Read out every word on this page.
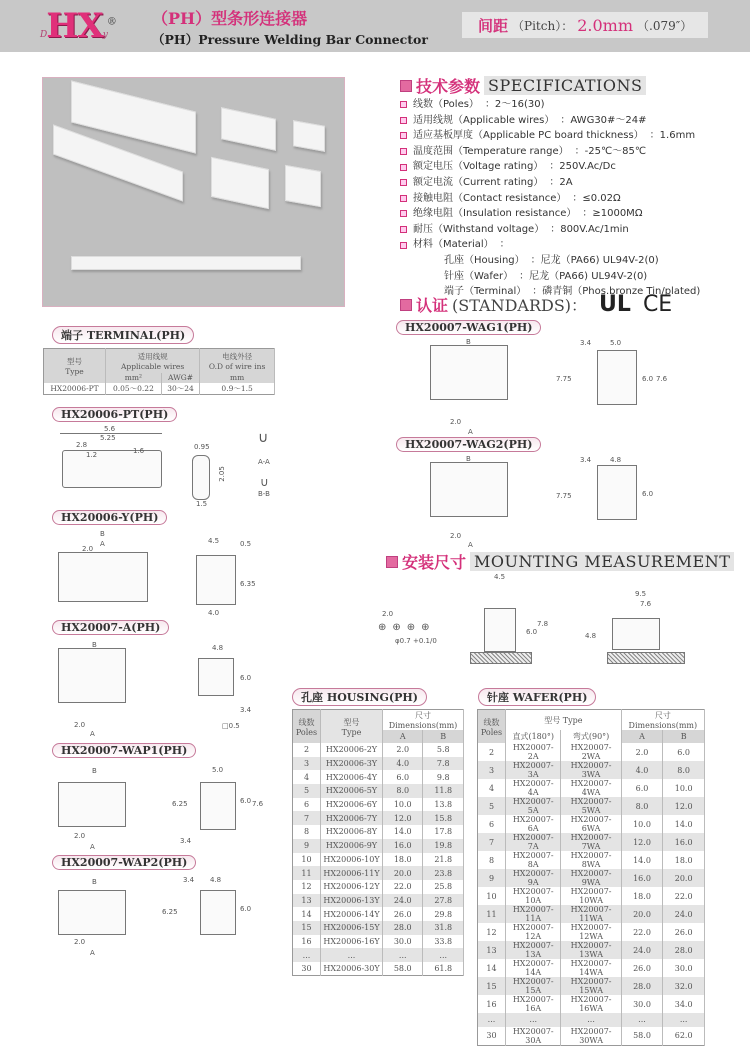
DHXy® （PH）型条形连接器
（PH）Pressure Welding Bar Connector
间距 （Pitch）： 2.0mm （.079″）
技术参数 SPECIFICATIONS
线数（Poles） ：2～16(30)
适用线规（Applicable wires） ：AWG30#～24#
适应基板厚度（Applicable PC board thickness） ：1.6mm
温度范围（Temperature range） ：-25℃～85℃
额定电压（Voltage rating） ：250V.Ac/Dc
额定电流（Current rating） ：2A
接触电阻（Contact resistance） ：≤0.02Ω
绝缘电阻（Insulation resistance） ：≥1000MΩ
耐压（Withstand voltage） ：800V.Ac/1min
材料（Material） ：
孔座（Housing） ：尼龙（PA66) UL94V-2(0)
针座（Wafer） ：尼龙（PA66) UL94V-2(0)
端子（Terminal） ：磷青铜（Phos.bronze Tin/plated)
认证 (STANDARDS)： UL CE
端子 TERMINAL(PH)
型号
Type	适用线规
Applicable wires		电线外径
O.D of wire ins
	mm²	AWG#	mm
HX20006-PT	0.05～0.22	30～24	0.9～1.5
HX20006-PT(PH)
5.6
5.25
2.8
1.2	1.6	0.95
2.05
1.5
∪
A-A
∪
B-B
HX20006-Y(PH)
B
A
2.0
4.5	0.5
6.35
4.0
HX20007-A(PH)
B
2.0
A
4.8
6.0
3.4
□0.5
HX20007-WAP1(PH)
B
2.0
A
5.0
6.25	6.0 7.6
3.4
HX20007-WAP2(PH)
B
2.0
A
3.4 4.8
6.25	6.0
HX20007-WAG1(PH)
B
2.0
A
3.4	5.0
7.75	6.0 7.6
HX20007-WAG2(PH)
B
2.0
A
3.4	4.8
7.75	6.0
安装尺寸 MOUNTING MEASUREMENT
2.0
⊕⊕⊕⊕
φ0.7 +0.1/0
4.5
6.0
7.8
9.5
7.6
4.8
孔座 HOUSING(PH)
线数
Poles	型号
Type	尺寸Dimensions(mm)	
		A	B
2	HX20006-2Y	2.0	5.8
3	HX20006-3Y	4.0	7.8
4	HX20006-4Y	6.0	9.8
5	HX20006-5Y	8.0	11.8
6	HX20006-6Y	10.0	13.8
7	HX20006-7Y	12.0	15.8
8	HX20006-8Y	14.0	17.8
9	HX20006-9Y	16.0	19.8
10	HX20006-10Y	18.0	21.8
11	HX20006-11Y	20.0	23.8
12	HX20006-12Y	22.0	25.8
13	HX20006-13Y	24.0	27.8
14	HX20006-14Y	26.0	29.8
15	HX20006-15Y	28.0	31.8
16	HX20006-16Y	30.0	33.8
...	...	...	...
30	HX20006-30Y	58.0	61.8
针座 WAFER(PH)
线数
Poles	型号 Type		尺寸Dimensions(mm)	
	直式(180°)	弯式(90°)	A	B
2	HX20007-2A	HX20007-2WA	2.0	6.0
3	HX20007-3A	HX20007-3WA	4.0	8.0
4	HX20007-4A	HX20007-4WA	6.0	10.0
5	HX20007-5A	HX20007-5WA	8.0	12.0
6	HX20007-6A	HX20007-6WA	10.0	14.0
7	HX20007-7A	HX20007-7WA	12.0	16.0
8	HX20007-8A	HX20007-8WA	14.0	18.0
9	HX20007-9A	HX20007-9WA	16.0	20.0
10	HX20007-10A	HX20007-10WA	18.0	22.0
11	HX20007-11A	HX20007-11WA	20.0	24.0
12	HX20007-12A	HX20007-12WA	22.0	26.0
13	HX20007-13A	HX20007-13WA	24.0	28.0
14	HX20007-14A	HX20007-14WA	26.0	30.0
15	HX20007-15A	HX20007-15WA	28.0	32.0
16	HX20007-16A	HX20007-16WA	30.0	34.0
...	...	...	...	...
30	HX20007-30A	HX20007-30WA	58.0	62.0
